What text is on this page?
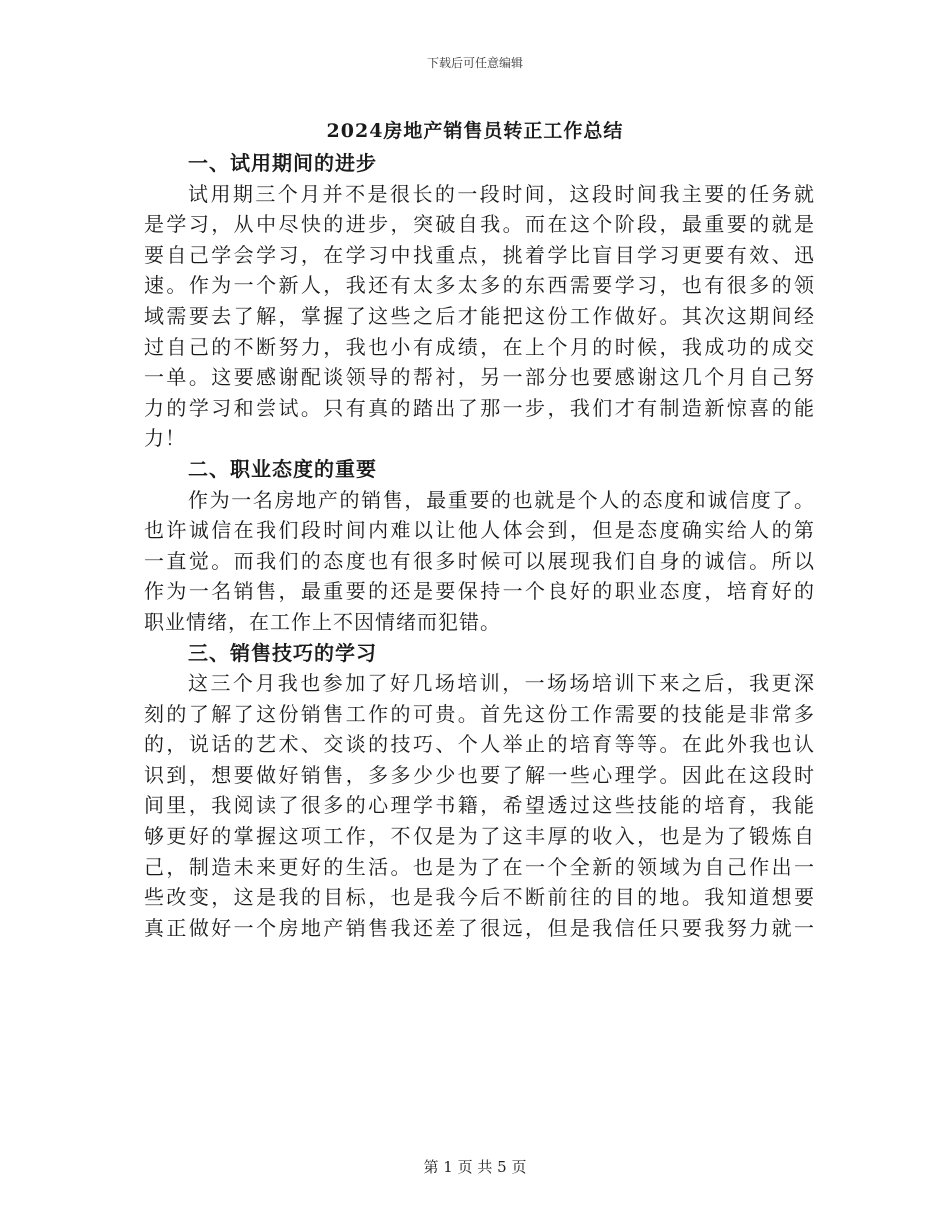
下载后可任意编辑
2024房地产销售员转正工作总结
一、试用期间的进步
试用期三个月并不是很长的一段时间，这段时间我主要的任务就
是学习，从中尽快的进步，突破自我。而在这个阶段，最重要的就是
要自己学会学习，在学习中找重点，挑着学比盲目学习更要有效、迅
速。作为一个新人，我还有太多太多的东西需要学习，也有很多的领
域需要去了解，掌握了这些之后才能把这份工作做好。其次这期间经
过自己的不断努力，我也小有成绩，在上个月的时候，我成功的成交
一单。这要感谢配谈领导的帮衬，另一部分也要感谢这几个月自己努
力的学习和尝试。只有真的踏出了那一步，我们才有制造新惊喜的能
力！
二、职业态度的重要
作为一名房地产的销售，最重要的也就是个人的态度和诚信度了。
也许诚信在我们段时间内难以让他人体会到，但是态度确实给人的第
一直觉。而我们的态度也有很多时候可以展现我们自身的诚信。所以
作为一名销售，最重要的还是要保持一个良好的职业态度，培育好的
职业情绪，在工作上不因情绪而犯错。
三、销售技巧的学习
这三个月我也参加了好几场培训，一场场培训下来之后，我更深
刻的了解了这份销售工作的可贵。首先这份工作需要的技能是非常多
的，说话的艺术、交谈的技巧、个人举止的培育等等。在此外我也认
识到，想要做好销售，多多少少也要了解一些心理学。因此在这段时
间里，我阅读了很多的心理学书籍，希望透过这些技能的培育，我能
够更好的掌握这项工作，不仅是为了这丰厚的收入，也是为了锻炼自
己，制造未来更好的生活。也是为了在一个全新的领域为自己作出一
些改变，这是我的目标，也是我今后不断前往的目的地。我知道想要
真正做好一个房地产销售我还差了很远，但是我信任只要我努力就一
第 1 页 共 5 页
